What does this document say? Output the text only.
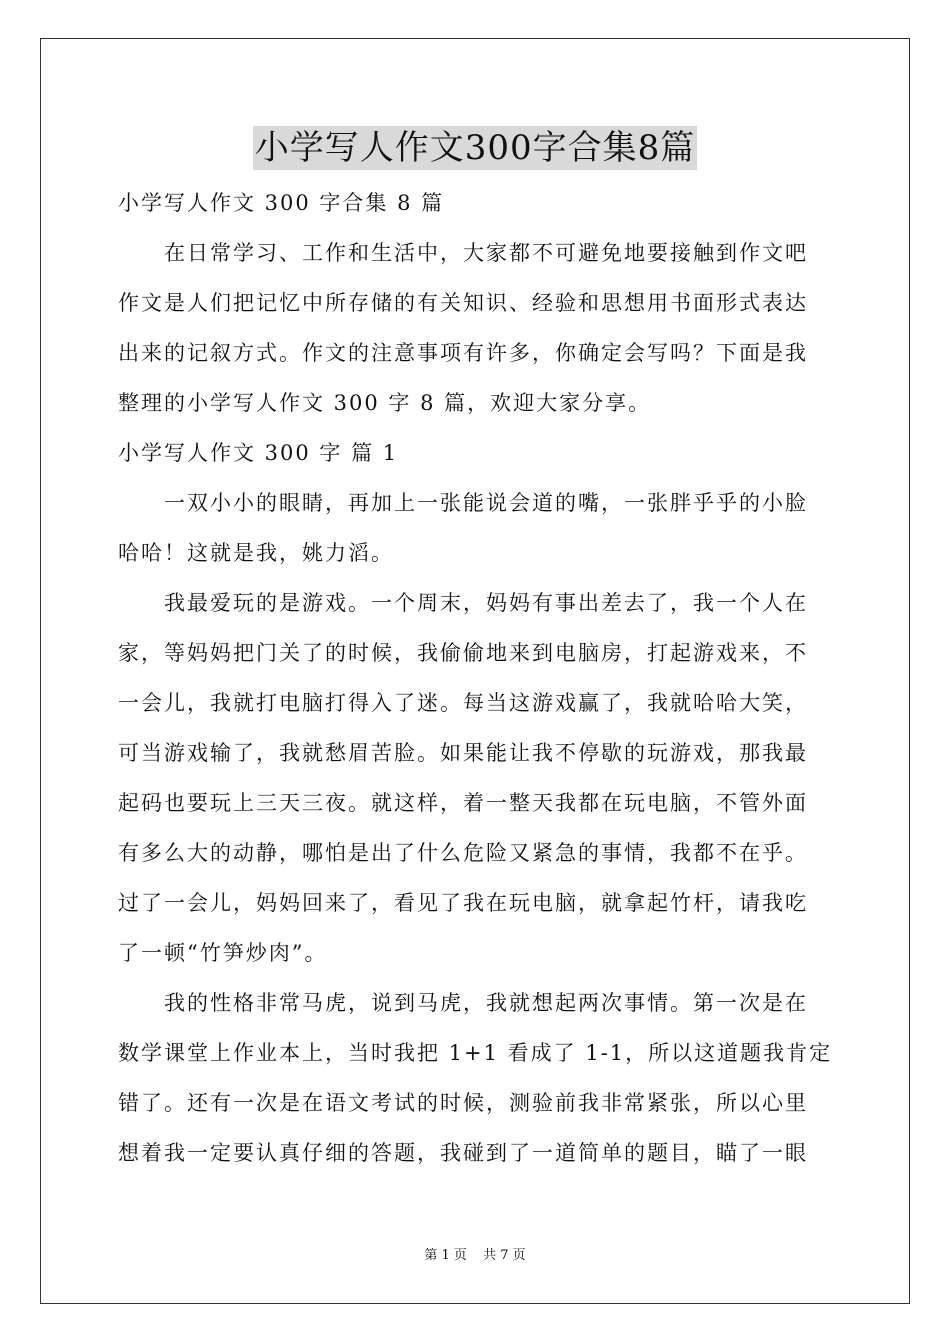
小学写人作文300字合集8篇

小学写人作文 300 字合集 8 篇

在日常学习、工作和生活中，大家都不可避免地要接触到作文吧

作文是人们把记忆中所存储的有关知识、经验和思想用书面形式表达

出来的记叙方式。作文的注意事项有许多，你确定会写吗？下面是我

整理的小学写人作文 300 字 8 篇，欢迎大家分享。

小学写人作文 300 字 篇 1

一双小小的眼睛，再加上一张能说会道的嘴，一张胖乎乎的小脸

哈哈！这就是我，姚力滔。

我最爱玩的是游戏。一个周末，妈妈有事出差去了，我一个人在

家，等妈妈把门关了的时候，我偷偷地来到电脑房，打起游戏来，不

一会儿，我就打电脑打得入了迷。每当这游戏赢了，我就哈哈大笑，

可当游戏输了，我就愁眉苦脸。如果能让我不停歇的玩游戏，那我最

起码也要玩上三天三夜。就这样，着一整天我都在玩电脑，不管外面

有多么大的动静，哪怕是出了什么危险又紧急的事情，我都不在乎。

过了一会儿，妈妈回来了，看见了我在玩电脑，就拿起竹杆，请我吃

了一顿“竹笋炒肉”。

我的性格非常马虎，说到马虎，我就想起两次事情。第一次是在

数学课堂上作业本上，当时我把 1+1 看成了 1-1，所以这道题我肯定

错了。还有一次是在语文考试的时候，测验前我非常紧张，所以心里

想着我一定要认真仔细的答题，我碰到了一道简单的题目，瞄了一眼

第 1 页 共 7 页
